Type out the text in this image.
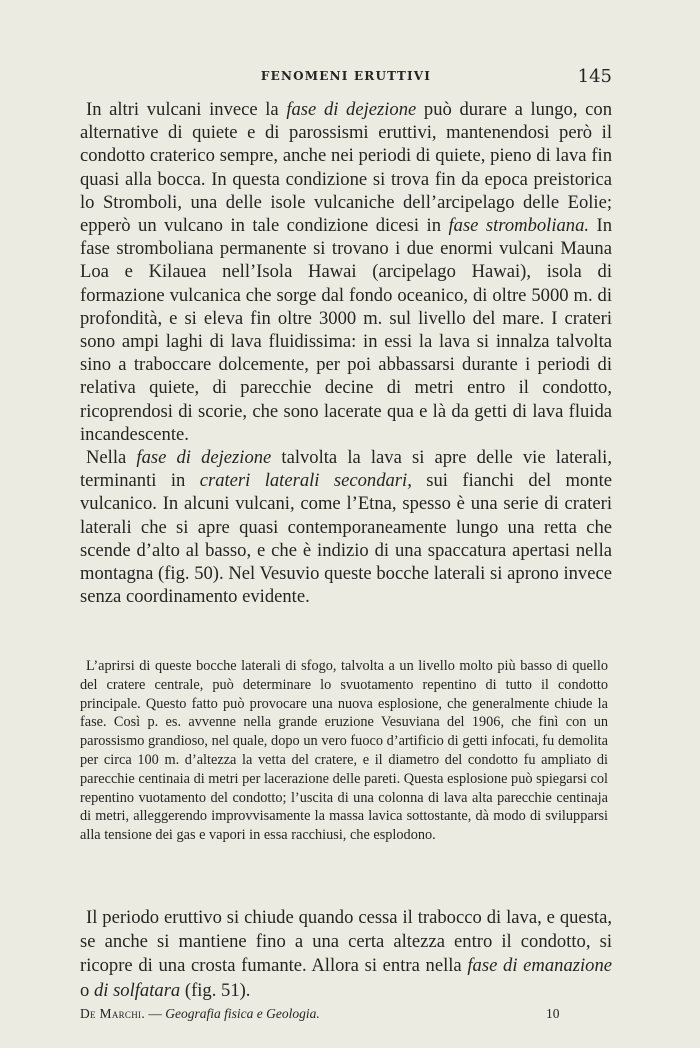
FENOMENI ERUTTIVI	145

In altri vulcani invece la fase di dejezione può durare a lungo, con alternative di quiete e di parossismi eruttivi, mantenendosi però il condotto craterico sempre, anche nei periodi di quiete, pieno di lava fin quasi alla bocca. In questa condizione si trova fin da epoca preistorica lo Stromboli, una delle isole vulcaniche dell’arcipelago delle Eolie; epperò un vulcano in tale condizione dicesi in fase stromboliana. In fase stromboliana permanente si trovano i due enormi vulcani Mauna Loa e Kilauea nell’Isola Hawai (arcipelago Hawai), isola di formazione vulcanica che sorge dal fondo oceanico, di oltre 5000 m. di profondità, e si eleva fin oltre 3000 m. sul livello del mare. I crateri sono ampi laghi di lava fluidissima: in essi la lava si innalza talvolta sino a traboccare dolcemente, per poi abbassarsi durante i periodi di relativa quiete, di parecchie decine di metri entro il condotto, ricoprendosi di scorie, che sono lacerate qua e là da getti di lava fluida incandescente.

Nella fase di dejezione talvolta la lava si apre delle vie laterali, terminanti in crateri laterali secondari, sui fianchi del monte vulcanico. In alcuni vulcani, come l’Etna, spesso è una serie di crateri laterali che si apre quasi contemporaneamente lungo una retta che scende d’alto al basso, e che è indizio di una spaccatura apertasi nella montagna (fig. 50). Nel Vesuvio queste bocche laterali si aprono invece senza coordinamento evidente.

L’aprirsi di queste bocche laterali di sfogo, talvolta a un livello molto più basso di quello del cratere centrale, può determinare lo svuotamento repentino di tutto il condotto principale. Questo fatto può provocare una nuova esplosione, che generalmente chiude la fase. Così p. es. avvenne nella grande eruzione Vesuviana del 1906, che finì con un parossismo grandioso, nel quale, dopo un vero fuoco d’artificio di getti infocati, fu demolita per circa 100 m. d’altezza la vetta del cratere, e il diametro del condotto fu ampliato di parecchie centinaia di metri per lacerazione delle pareti. Questa esplosione può spiegarsi col repentino vuotamento del condotto; l’uscita di una colonna di lava alta parecchie centinaja di metri, alleggerendo improvvisamente la massa lavica sottostante, dà modo di svilupparsi alla tensione dei gas e vapori in essa racchiusi, che esplodono.

Il periodo eruttivo si chiude quando cessa il trabocco di lava, e questa, se anche si mantiene fino a una certa altezza entro il condotto, si ricopre di una crosta fumante. Allora si entra nella fase di emanazione o di solfatara (fig. 51).

De Marchi. — Geografia fisica e Geologia.	10
